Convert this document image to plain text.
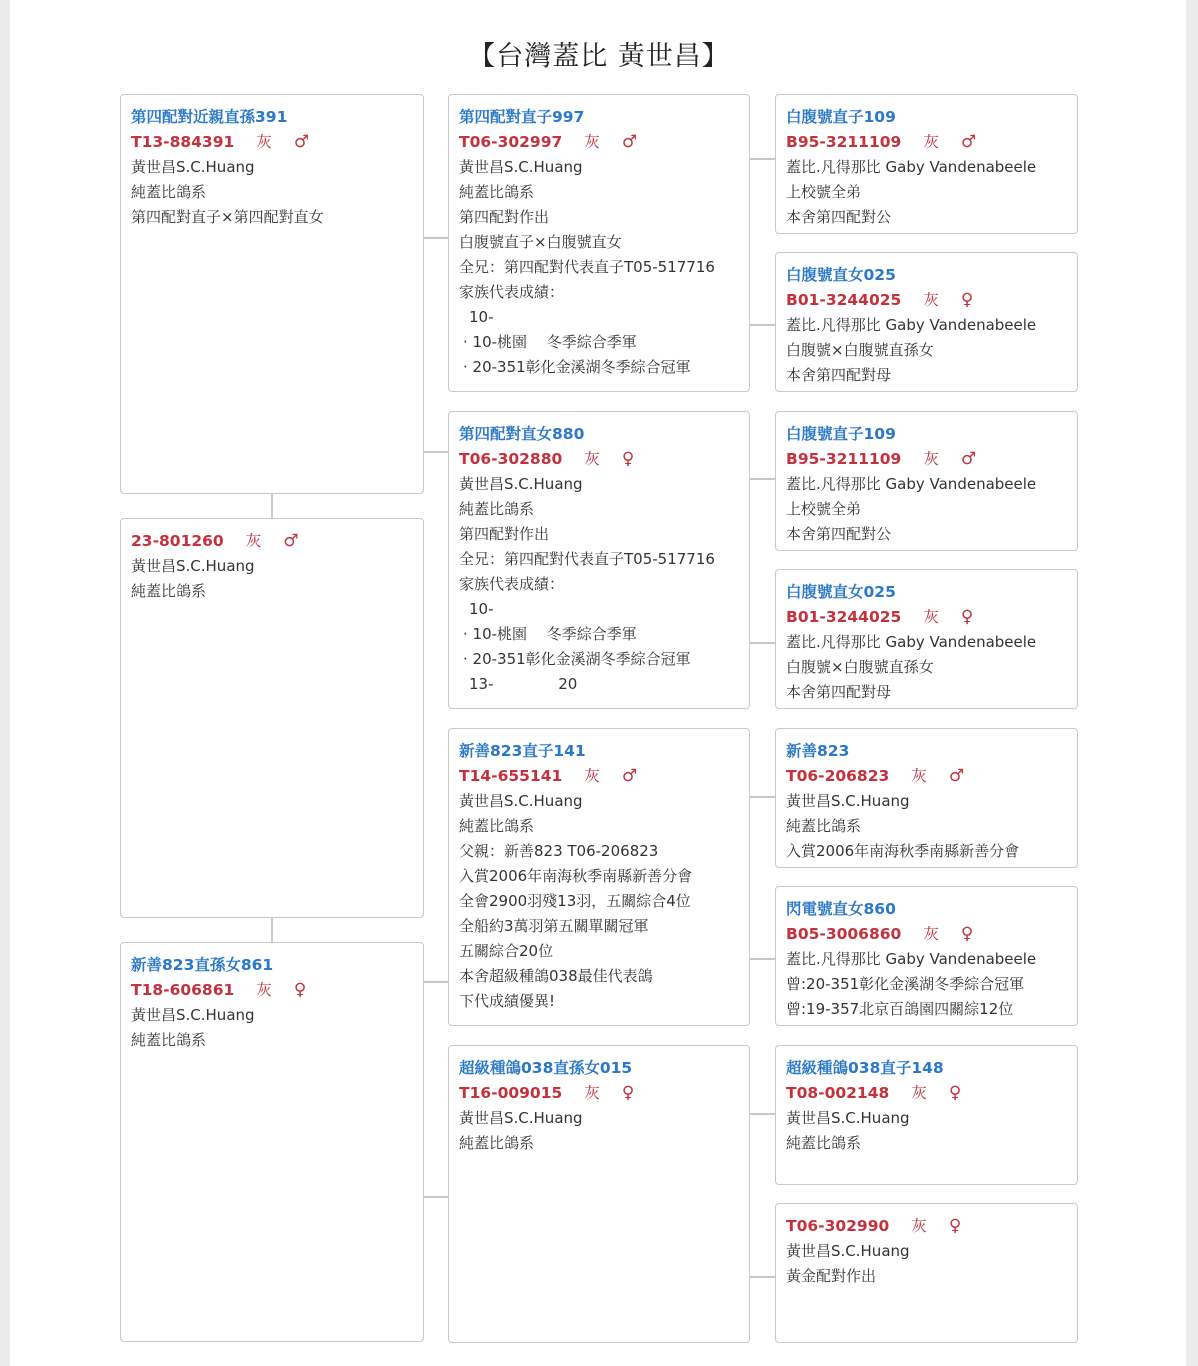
【台灣蓋比 黃世昌】
第四配對近親直孫391
T13-884391 灰 ♂
黃世昌S.C.Huang
純蓋比鴿系
第四配對直子×第四配對直女
23-801260 灰 ♂
黃世昌S.C.Huang
純蓋比鴿系
新善823直孫女861
T18-606861 灰 ♀
黃世昌S.C.Huang
純蓋比鴿系
第四配對直子997
T06-302997 灰 ♂
黃世昌S.C.Huang
純蓋比鴿系
第四配對作出
白腹號直子×白腹號直女
全兄：第四配對代表直子T05-517716
家族代表成績：
10-
· 10-桃園　 冬季綜合季軍
· 20-351彰化金溪湖冬季綜合冠軍
第四配對直女880
T06-302880 灰 ♀
黃世昌S.C.Huang
純蓋比鴿系
第四配對作出
全兄：第四配對代表直子T05-517716
家族代表成績：
10-
· 10-桃園　 冬季綜合季軍
· 20-351彰化金溪湖冬季綜合冠軍
13-　　　　 20
新善823直子141
T14-655141 灰 ♂
黃世昌S.C.Huang
純蓋比鴿系
父親：新善823 T06-206823
入賞2006年南海秋季南縣新善分會
全會2900羽殘13羽，五關綜合4位
全船約3萬羽第五關單關冠軍
五關綜合20位
本舍超級種鴿038最佳代表鴿
下代成績優異!
超級種鴿038直孫女015
T16-009015 灰 ♀
黃世昌S.C.Huang
純蓋比鴿系
白腹號直子109
B95-3211109 灰 ♂
蓋比.凡得那比 Gaby Vandenabeele
上校號全弟
本舍第四配對公
白腹號直女025
B01-3244025 灰 ♀
蓋比.凡得那比 Gaby Vandenabeele
白腹號×白腹號直孫女
本舍第四配對母
白腹號直子109
B95-3211109 灰 ♂
蓋比.凡得那比 Gaby Vandenabeele
上校號全弟
本舍第四配對公
白腹號直女025
B01-3244025 灰 ♀
蓋比.凡得那比 Gaby Vandenabeele
白腹號×白腹號直孫女
本舍第四配對母
新善823
T06-206823 灰 ♂
黃世昌S.C.Huang
純蓋比鴿系
入賞2006年南海秋季南縣新善分會
閃電號直女860
B05-3006860 灰 ♀
蓋比.凡得那比 Gaby Vandenabeele
曾:20-351彰化金溪湖冬季綜合冠軍
曾:19-357北京百鴿園四關綜12位
超級種鴿038直子148
T08-002148 灰 ♀
黃世昌S.C.Huang
純蓋比鴿系
T06-302990 灰 ♀
黃世昌S.C.Huang
黃金配對作出
